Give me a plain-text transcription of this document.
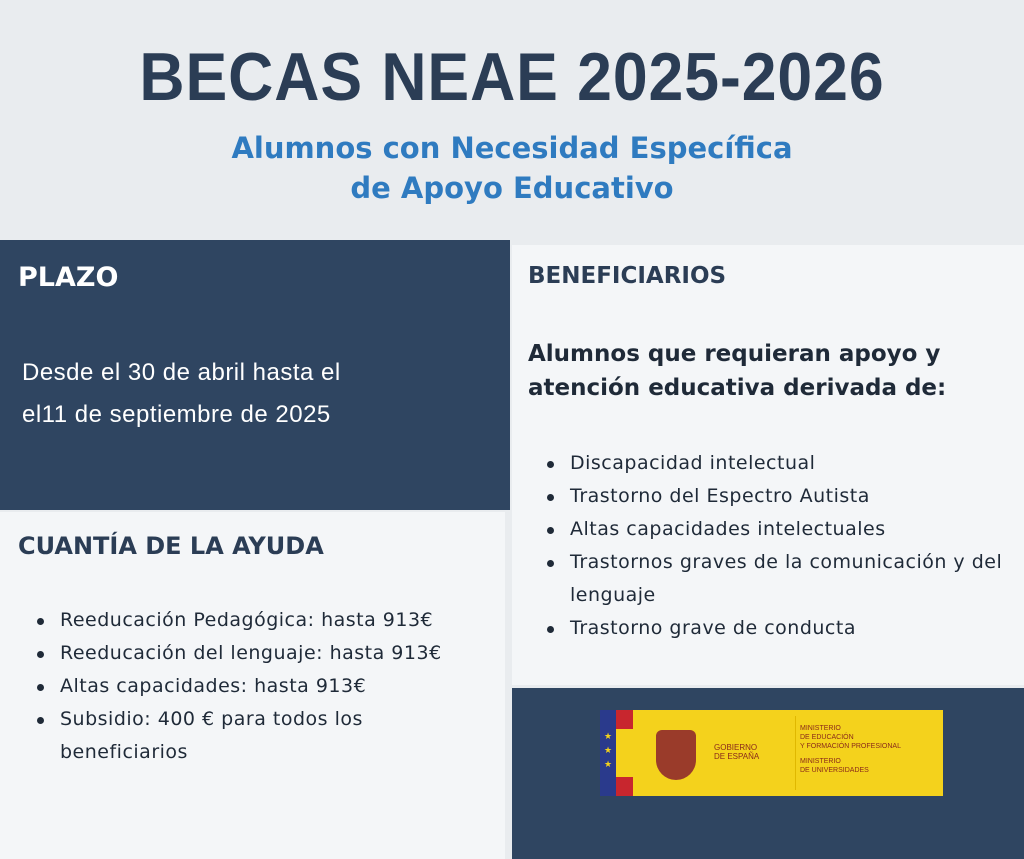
BECAS NEAE 2025-2026
Alumnos con Necesidad Específica
de Apoyo Educativo
PLAZO
Desde el 30 de abril hasta el
el11 de septiembre de 2025
CUANTÍA DE LA AYUDA
Reeducación Pedagógica: hasta 913€
Reeducación del lenguaje: hasta 913€
Altas capacidades: hasta 913€
Subsidio: 400 € para todos los beneficiarios
BENEFICIARIOS
Alumnos que requieran apoyo y atención educativa derivada de:
Discapacidad intelectual
Trastorno del Espectro Autista
Altas capacidades intelectuales
Trastornos graves de la comunicación y del lenguaje
Trastorno grave de conducta
★
★
★
GOBIERNO
DE ESPAÑA
MINISTERIO
DE EDUCACIÓN
Y FORMACIÓN PROFESIONAL
MINISTERIO
DE UNIVERSIDADES
